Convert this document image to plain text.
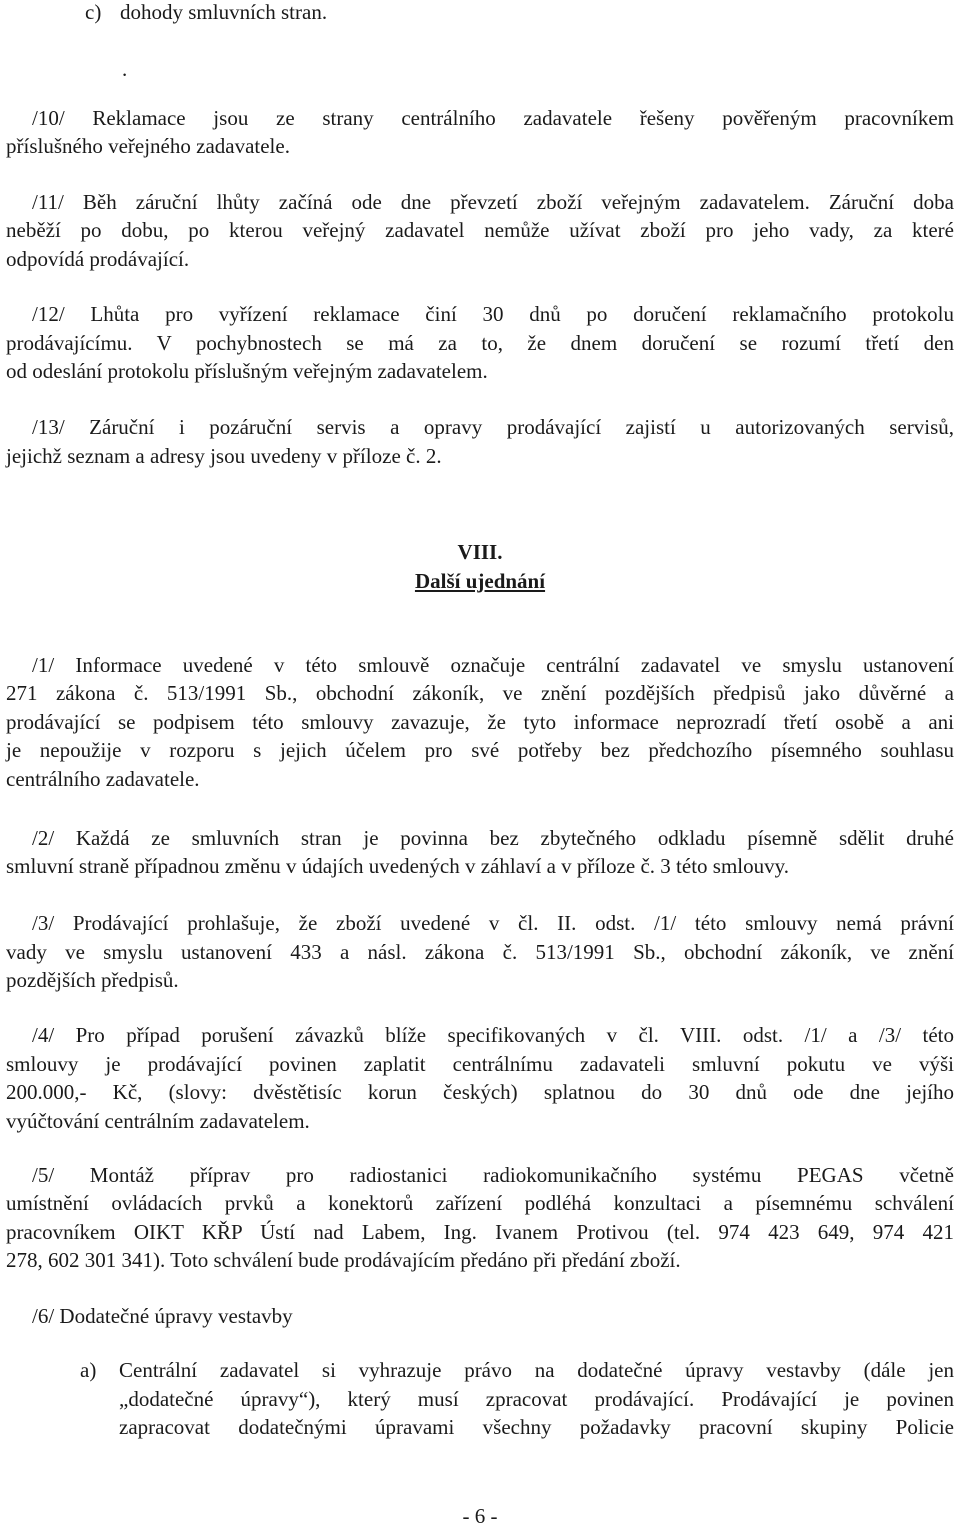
c) dohody smluvních stran.
.
/10/ Reklamace jsou ze strany centrálního zadavatele řešeny pověřeným pracovníkem
příslušného veřejného zadavatele.
/11/ Běh záruční lhůty začíná ode dne převzetí zboží veřejným zadavatelem. Záruční doba
neběží po dobu, po kterou veřejný zadavatel nemůže užívat zboží pro jeho vady, za které
odpovídá prodávající.
/12/ Lhůta pro vyřízení reklamace činí 30 dnů po doručení reklamačního protokolu
prodávajícímu. V pochybnostech se má za to, že dnem doručení se rozumí třetí den
od odeslání protokolu příslušným veřejným zadavatelem.
/13/ Záruční i pozáruční servis a opravy prodávající zajistí u autorizovaných servisů,
jejichž seznam a adresy jsou uvedeny v příloze č. 2.
VIII.
Další ujednání
/1/ Informace uvedené v této smlouvě označuje centrální zadavatel ve smyslu ustanovení
271 zákona č. 513/1991 Sb., obchodní zákoník, ve znění pozdějších předpisů jako důvěrné a
prodávající se podpisem této smlouvy zavazuje, že tyto informace neprozradí třetí osobě a ani
je nepoužije v rozporu s jejich účelem pro své potřeby bez předchozího písemného souhlasu
centrálního zadavatele.
/2/ Každá ze smluvních stran je povinna bez zbytečného odkladu písemně sdělit druhé
smluvní straně případnou změnu v údajích uvedených v záhlaví a v příloze č. 3 této smlouvy.
/3/ Prodávající prohlašuje, že zboží uvedené v čl. II. odst. /1/ této smlouvy nemá právní
vady ve smyslu ustanovení 433 a násl. zákona č. 513/1991 Sb., obchodní zákoník, ve znění
pozdějších předpisů.
/4/ Pro případ porušení závazků blíže specifikovaných v čl. VIII. odst. /1/ a /3/ této
smlouvy je prodávající povinen zaplatit centrálnímu zadavateli smluvní pokutu ve výši
200.000,- Kč, (slovy: dvěstětisíc korun českých) splatnou do 30 dnů ode dne jejího
vyúčtování centrálním zadavatelem.
/5/ Montáž příprav pro radiostanici radiokomunikačního systému PEGAS včetně
umístnění ovládacích prvků a konektorů zařízení podléhá konzultaci a písemnému schválení
pracovníkem OIKT KŘP Ústí nad Labem, Ing. Ivanem Protivou (tel. 974 423 649, 974 421
278, 602 301 341). Toto schválení bude prodávajícím předáno při předání zboží.
/6/ Dodatečné úpravy vestavby
a)	Centrální zadavatel si vyhrazuje právo na dodatečné úpravy vestavby (dále jen
„dodatečné úpravy“), který musí zpracovat prodávající. Prodávající je povinen
zapracovat dodatečnými úpravami všechny požadavky pracovní skupiny Policie
- 6 -
